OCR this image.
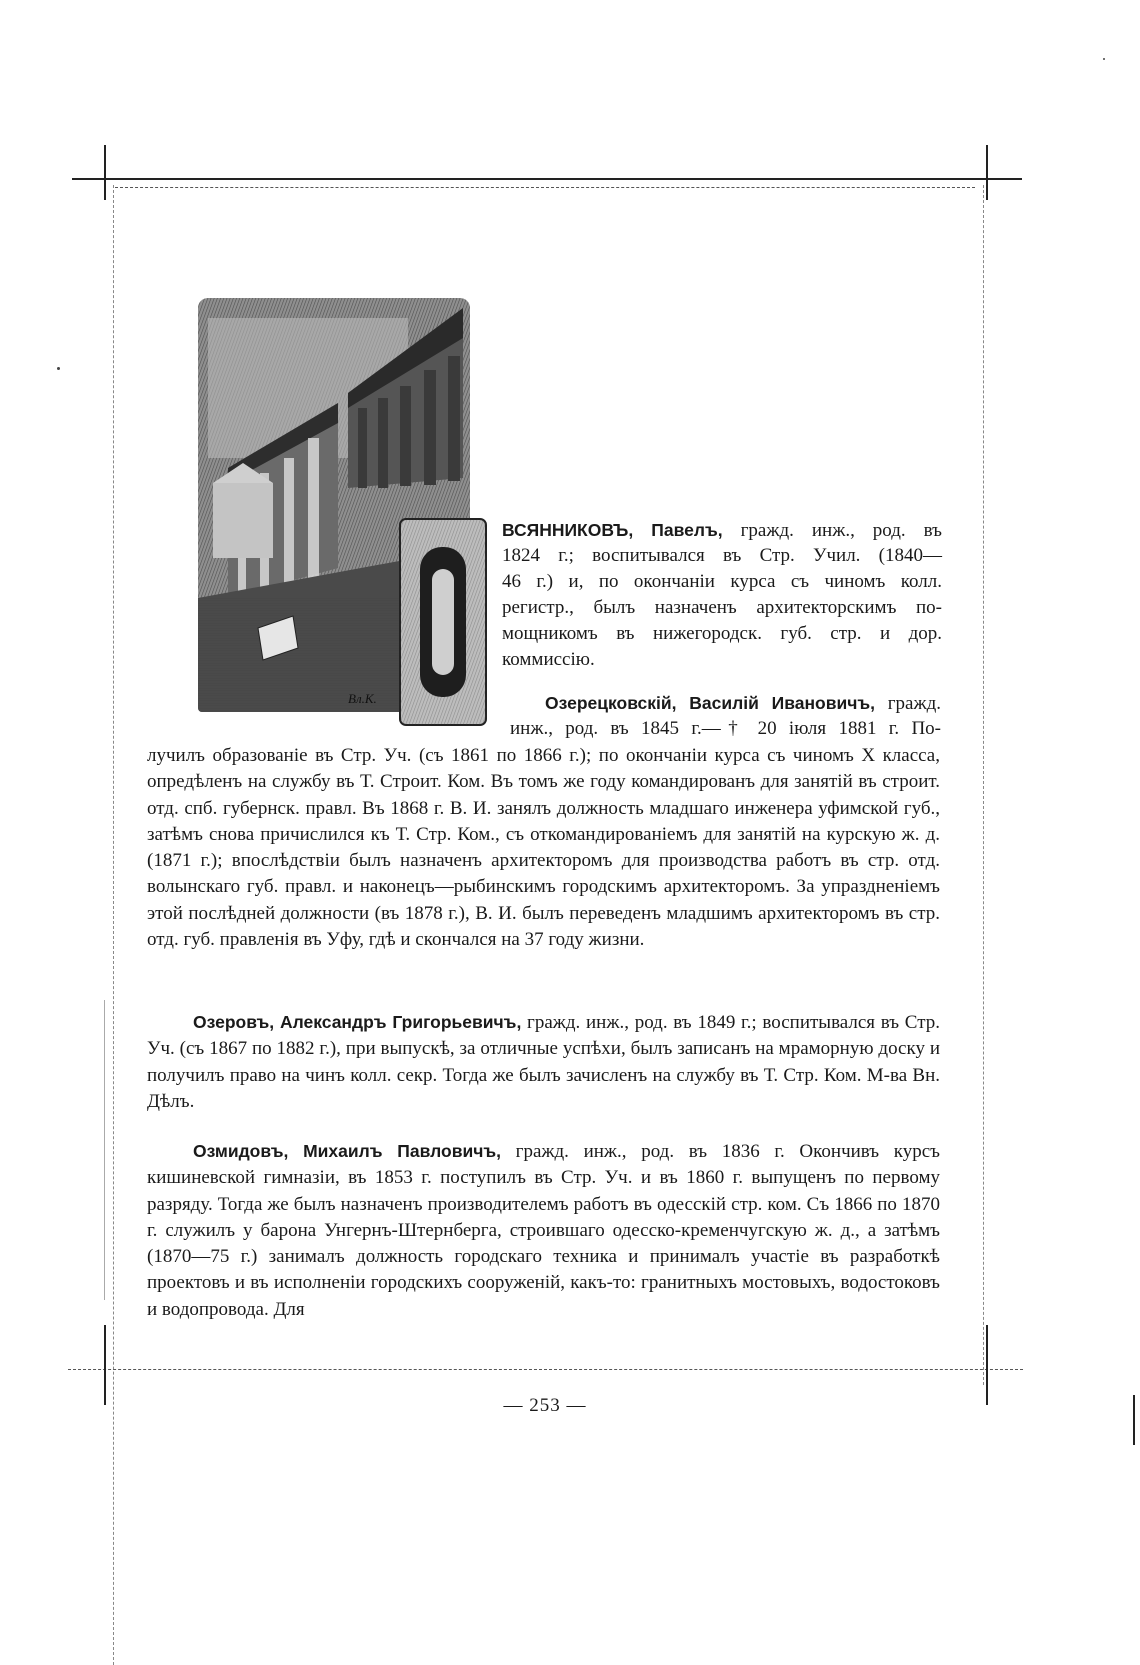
Вл.К.

ВСЯННИКОВЪ, Павелъ, гражд. инж., род. въ

1824 г.; воспитывался въ Стр. Учил. (1840—

46 г.) и, по окончаніи курса съ чиномъ колл.

регистр., былъ назначенъ архитекторскимъ по-

мощникомъ въ нижегородск. губ. стр. и дор.

коммиссію.

Озерецковскій, Василій Ивановичъ, гражд.

инж., род. въ 1845 г.—† 20 іюля 1881 г. По-

лучилъ образованіе въ Стр. Уч. (съ 1861 по 1866 г.); по окончаніи курса съ чиномъ X класса, опредѣленъ на службу въ Т. Строит. Ком. Въ томъ же году командированъ для занятій въ строит. отд. спб. губернск. правл. Въ 1868 г. В. И. занялъ должность младшаго инженера уфимской губ., затѣмъ снова причислился къ Т. Стр. Ком., съ откомандированіемъ для занятій на курскую ж. д. (1871 г.); впослѣдствіи былъ назначенъ архитекторомъ для производства работъ въ стр. отд. волынскаго губ. правл. и наконецъ—рыбинскимъ городскимъ архитекторомъ. За упраздненіемъ этой послѣдней должности (въ 1878 г.), В. И. былъ переведенъ младшимъ архитекторомъ въ стр. отд. губ. правленія въ Уфу, гдѣ и скончался на 37 году жизни.

Озеровъ, Александръ Григорьевичъ, гражд. инж., род. въ 1849 г.; воспитывался въ Стр. Уч. (съ 1867 по 1882 г.), при выпускѣ, за отличные успѣхи, былъ записанъ на мраморную доску и получилъ право на чинъ колл. секр. Тогда же былъ зачисленъ на службу въ Т. Стр. Ком. М-ва Вн. Дѣлъ.

Озмидовъ, Михаилъ Павловичъ, гражд. инж., род. въ 1836 г. Окончивъ курсъ кишиневской гимназіи, въ 1853 г. поступилъ въ Стр. Уч. и въ 1860 г. выпущенъ по первому разряду. Тогда же былъ назначенъ производителемъ работъ въ одесскій стр. ком. Съ 1866 по 1870 г. служилъ у барона Унгернъ-Штернберга, строившаго одесско-кременчугскую ж. д., а затѣмъ (1870—75 г.) занималъ должность городскаго техника и принималъ участіе въ разработкѣ проектовъ и въ исполненіи городскихъ сооруженій, какъ-то: гранитныхъ мостовыхъ, водостоковъ и водопровода. Для

— 253 —
